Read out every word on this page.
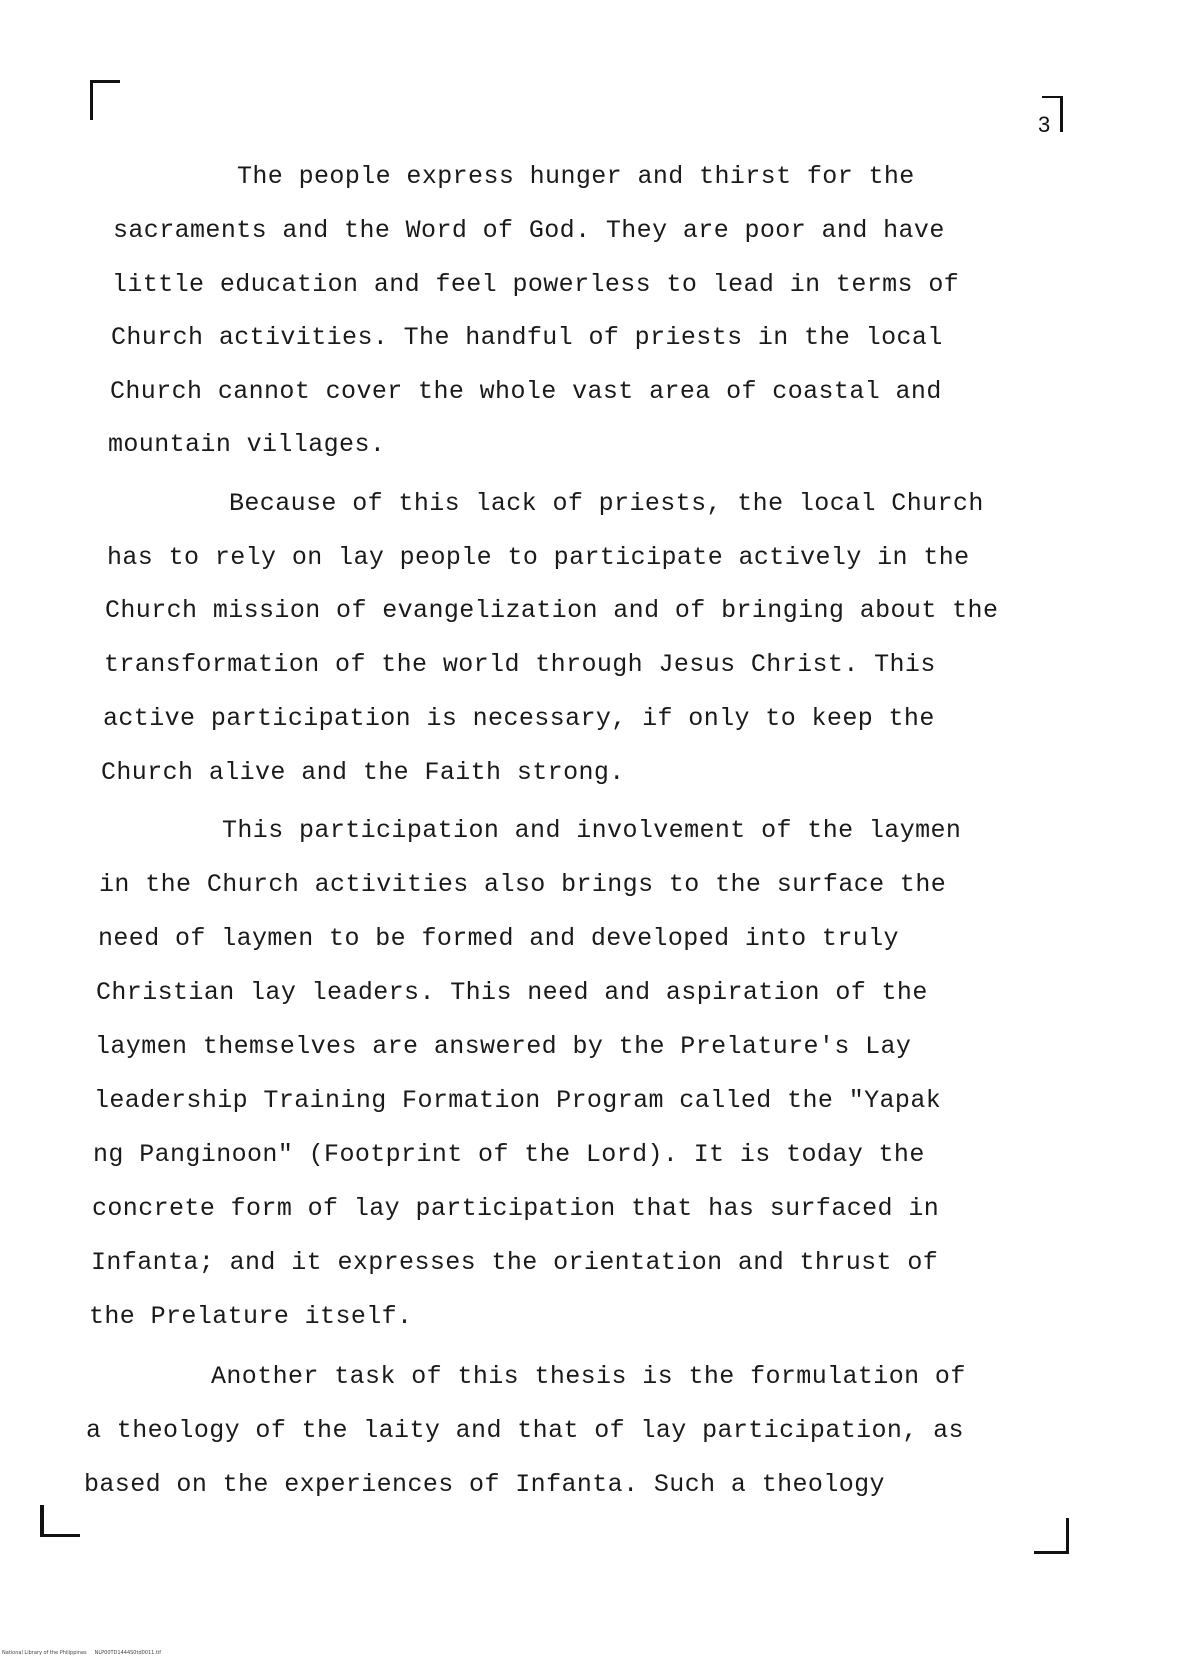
3
The people express hunger and thirst for the
sacraments and the Word of God. They are poor and have
little education and feel powerless to lead in terms of
Church activities. The handful of priests in the local
Church cannot cover the whole vast area of coastal and
mountain villages.
Because of this lack of priests, the local Church
has to rely on lay people to participate actively in the
Church mission of evangelization and of bringing about the
transformation of the world through Jesus Christ. This
active participation is necessary, if only to keep the
Church alive and the Faith strong.
This participation and involvement of the laymen
in the Church activities also brings to the surface the
need of laymen to be formed and developed into truly
Christian lay leaders. This need and aspiration of the
laymen themselves are answered by the Prelature's Lay
leadership Training Formation Program called the "Yapak
ng Panginoon" (Footprint of the Lord). It is today the
concrete form of lay participation that has surfaced in
Infanta; and it expresses the orientation and thrust of
the Prelature itself.
Another task of this thesis is the formulation of
a theology of the laity and that of lay participation, as
based on the experiences of Infanta. Such a theology
National Library of the Philippines NLP00TD1444S0td0011.tif
